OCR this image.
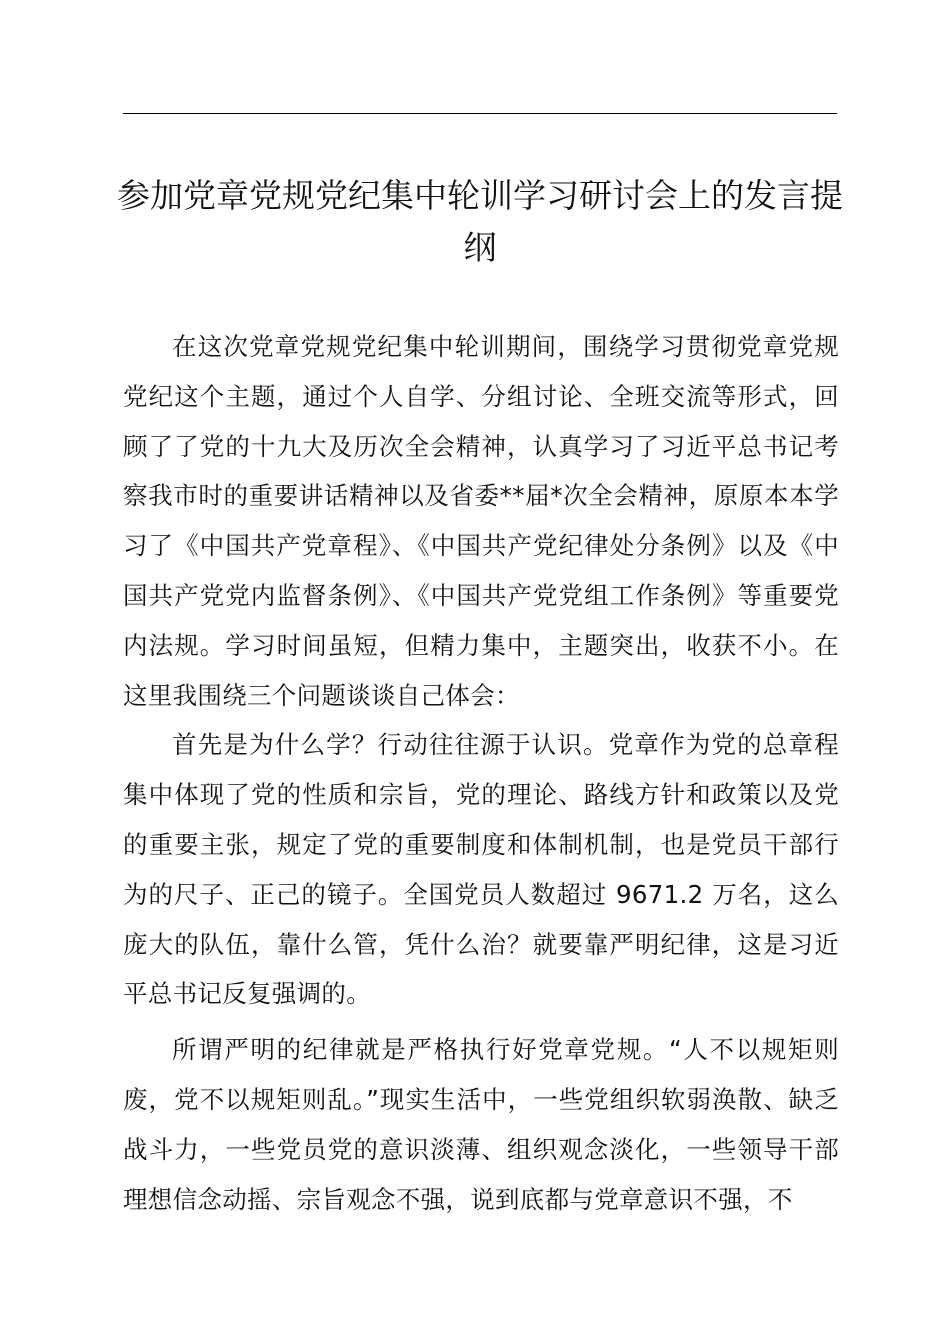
参加党章党规党纪集中轮训学习研讨会上的发言提纲

在这次党章党规党纪集中轮训期间，围绕学习贯彻党章党规党纪这个主题，通过个人自学、分组讨论、全班交流等形式，回顾了了党的十九大及历次全会精神，认真学习了习近平总书记考察我市时的重要讲话精神以及省委**届*次全会精神，原原本本学习了《中国共产党章程》、《中国共产党纪律处分条例》以及《中国共产党党内监督条例》、《中国共产党党组工作条例》等重要党内法规。学习时间虽短，但精力集中，主题突出，收获不小。在这里我围绕三个问题谈谈自己体会：

首先是为什么学？行动往往源于认识。党章作为党的总章程集中体现了党的性质和宗旨，党的理论、路线方针和政策以及党的重要主张，规定了党的重要制度和体制机制，也是党员干部行为的尺子、正己的镜子。全国党员人数超过 9671.2 万名，这么庞大的队伍，靠什么管，凭什么治？就要靠严明纪律，这是习近平总书记反复强调的。

所谓严明的纪律就是严格执行好党章党规。“人不以规矩则废，党不以规矩则乱。”现实生活中，一些党组织软弱涣散、缺乏战斗力，一些党员党的意识淡薄、组织观念淡化，一些领导干部理想信念动摇、宗旨观念不强，说到底都与党章意识不强，不
